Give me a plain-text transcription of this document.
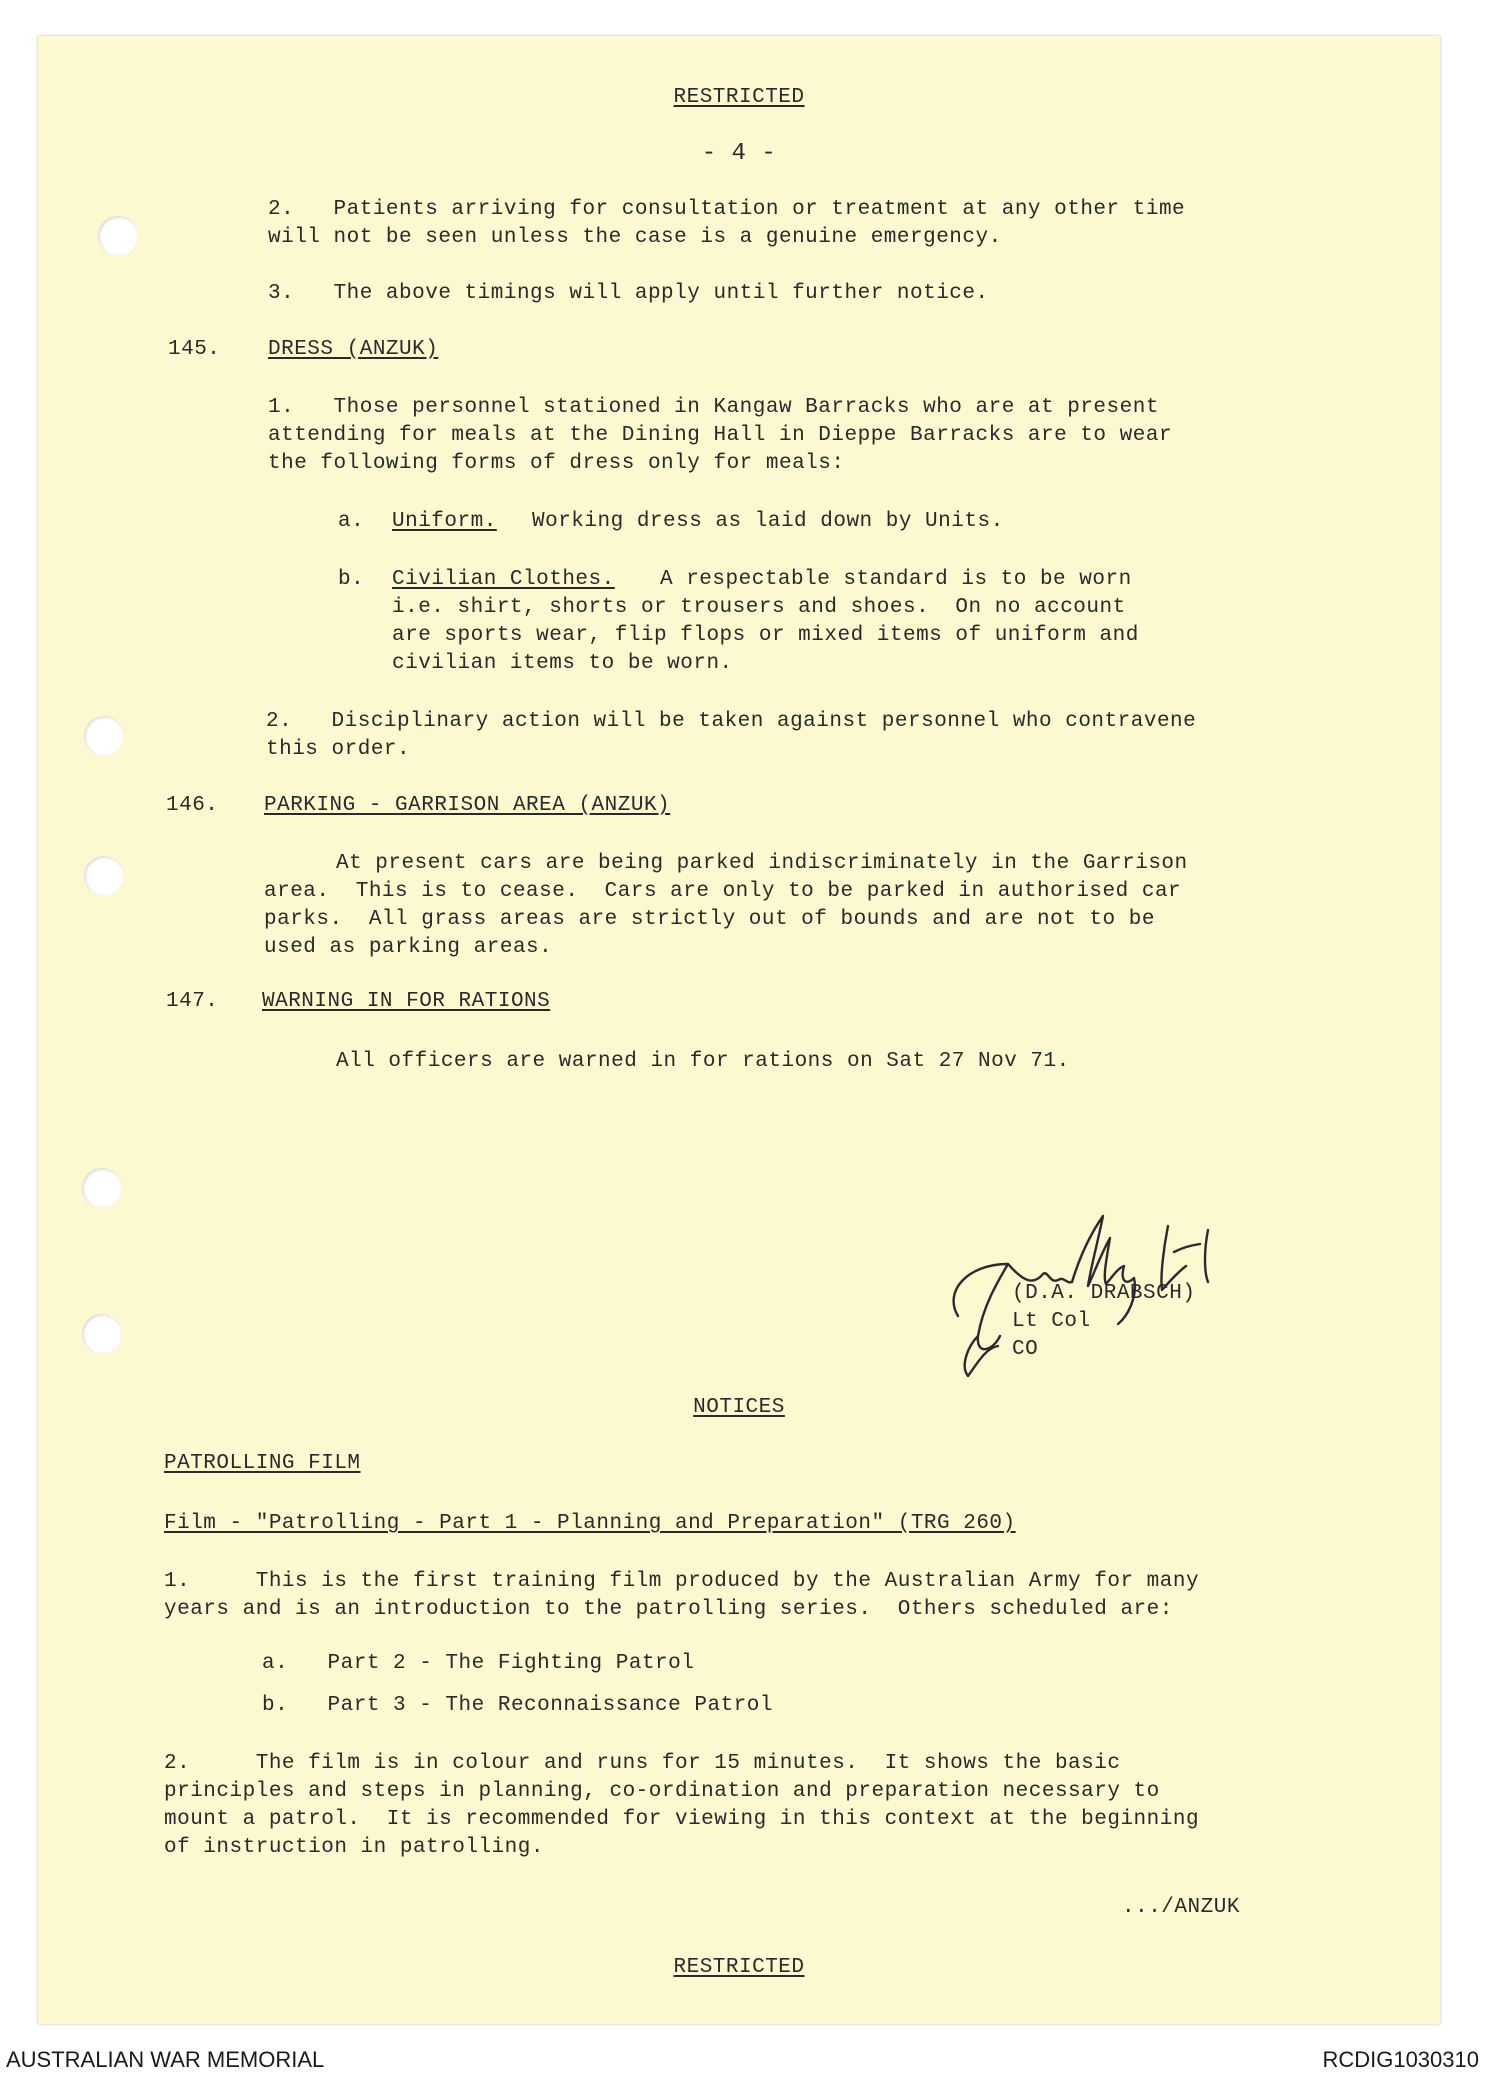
RESTRICTED
- 4 -
2.   Patients arriving for consultation or treatment at any other time
will not be seen unless the case is a genuine emergency.
3.   The above timings will apply until further notice.
145. DRESS (ANZUK)
1.   Those personnel stationed in Kangaw Barracks who are at present
attending for meals at the Dining Hall in Dieppe Barracks are to wear
the following forms of dress only for meals:
a. Uniform. Working dress as laid down by Units.
b. Civilian Clothes. A respectable standard is to be worn
i.e. shirt, shorts or trousers and shoes.  On no account
are sports wear, flip flops or mixed items of uniform and
civilian items to be worn.
2.   Disciplinary action will be taken against personnel who contravene
this order.
146. PARKING - GARRISON AREA (ANZUK)
At present cars are being parked indiscriminately in the Garrison
area.  This is to cease.  Cars are only to be parked in authorised car
parks.  All grass areas are strictly out of bounds and are not to be
used as parking areas.
147. WARNING IN FOR RATIONS
All officers are warned in for rations on Sat 27 Nov 71.
(D.A. DRABSCH)
Lt Col
CO
NOTICES
PATROLLING FILM
Film - "Patrolling - Part 1 - Planning and Preparation" (TRG 260)
1.     This is the first training film produced by the Australian Army for many
years and is an introduction to the patrolling series.  Others scheduled are:
a.   Part 2 - The Fighting Patrol
b.   Part 3 - The Reconnaissance Patrol
2.     The film is in colour and runs for 15 minutes.  It shows the basic
principles and steps in planning, co-ordination and preparation necessary to
mount a patrol.  It is recommended for viewing in this context at the beginning
of instruction in patrolling.
.../ANZUK
RESTRICTED
AUSTRALIAN WAR MEMORIAL	RCDIG1030310
